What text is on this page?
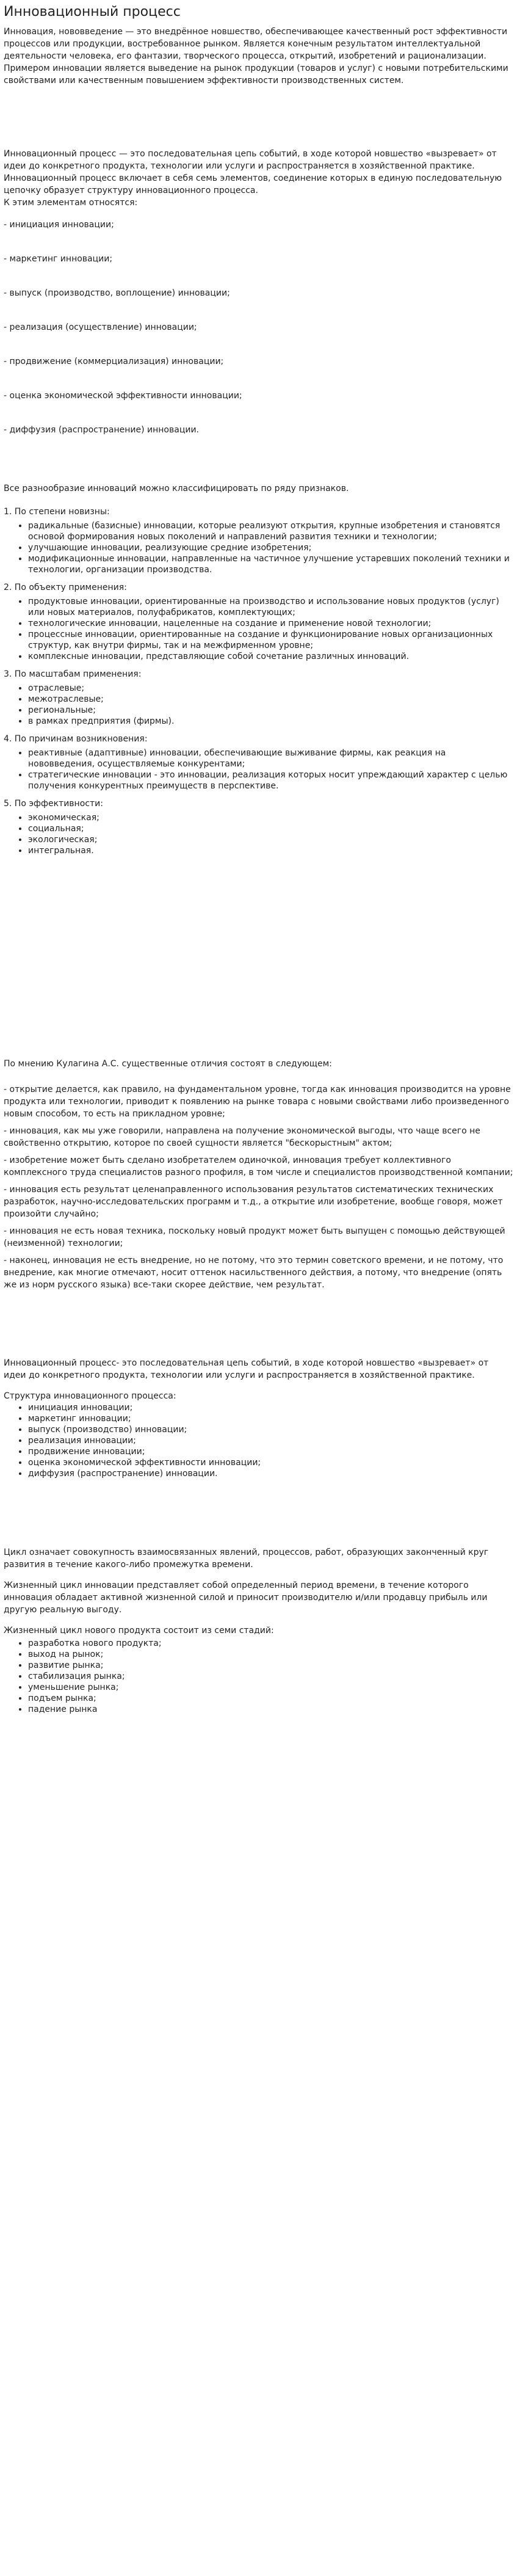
Инновационный процесс

Инновация, нововведение — это внедрённое новшество, обеспечивающее качественный рост эффективности процессов или продукции, востребованное рынком. Является конечным результатом интеллектуальной деятельности человека, его фантазии, творческого процесса, открытий, изобретений и рационализации. Примером инновации является выведение на рынок продукции (товаров и услуг) с новыми потребительскими свойствами или качественным повышением эффективности производственных систем.

Инновационный процесс — это последовательная цепь событий, в ходе которой новшество «вызревает» от идеи до конкретного продукта, технологии или услуги и распространяется в хозяйственной практике. Инновационный процесс включает в себя семь элементов, соединение которых в единую последовательную цепочку образует структуру инновационного процесса.

К этим элементам относятся:

- инициация инновации;

- маркетинг инновации;

- выпуск (производство, воплощение) инновации;

- реализация (осуществление) инновации;

- продвижение (коммерциализация) инновации;

- оценка экономической эффективности инновации;

- диффузия (распространение) инновации.

Все разнообразие инноваций можно классифицировать по ряду признаков.

1. По степени новизны:

• радикальные (базисные) инновации, которые реализуют открытия, крупные изобретения и становятся основой формирования новых поколений и направлений развития техники и технологии;
• улучшающие инновации, реализующие средние изобретения;
• модификационные инновации, направленные на частичное улучшение устаревших поколений техники и технологии, организации производства.

2. По объекту применения:

• продуктовые инновации, ориентированные на производство и использование новых продуктов (услуг) или новых материалов, полуфабрикатов, комплектующих;
• технологические инновации, нацеленные на создание и применение новой технологии;
• процессные инновации, ориентированные на создание и функционирование новых организационных структур, как внутри фирмы, так и на межфирменном уровне;
• комплексные инновации, представляющие собой сочетание различных инноваций.

3. По масштабам применения:

• отраслевые;
• межотраслевые;
• региональные;
• в рамках предприятия (фирмы).

4. По причинам возникновения:

• реактивные (адаптивные) инновации, обеспечивающие выживание фирмы, как реакция на нововведения, осуществляемые конкурентами;
• стратегические инновации - это инновации, реализация которых носит упреждающий характер с целью получения конкурентных преимуществ в перспективе.

5. По эффективности:

• экономическая;
• социальная;
• экологическая;
• интегральная.

По мнению Кулагина А.С. существенные отличия состоят в следующем:

- открытие делается, как правило, на фундаментальном уровне, тогда как инновация производится на уровне продукта или технологии, приводит к появлению на рынке товара с новыми свойствами либо произведенного новым способом, то есть на прикладном уровне;

- инновация, как мы уже говорили, направлена на получение экономической выгоды, что чаще всего не свойственно открытию, которое по своей сущности является "бескорыстным" актом;

- изобретение может быть сделано изобретателем одиночкой, инновация требует коллективного комплексного труда специалистов разного профиля, в том числе и специалистов производственной компании;

- инновация есть результат целенаправленного использования результатов систематических технических разработок, научно-исследовательских программ и т.д., а открытие или изобретение, вообще говоря, может произойти случайно;

- инновация не есть новая техника, поскольку новый продукт может быть выпущен с помощью действующей (неизменной) технологии;

- наконец, инновация не есть внедрение, но не потому, что это термин советского времени, и не потому, что внедрение, как многие отмечают, носит оттенок насильственного действия, а потому, что внедрение (опять же из норм русского языка) все-таки скорее действие, чем результат.

Инновационный процесс- это последовательная цепь событий, в ходе которой новшество «вызревает» от идеи до конкретного продукта, технологии или услуги и распространяется в хозяйственной практике.

Структура инновационного процесса:

• инициация инновации;
• маркетинг инновации;
• выпуск (производство) инновации;
• реализация инновации;
• продвижение инновации;
• оценка экономической эффективности инновации;
• диффузия (распространение) инновации.

Цикл означает совокупность взаимосвязанных явлений, процессов, работ, образующих законченный круг развития в течение какого-либо промежутка времени.

Жизненный цикл инновации представляет собой определенный период времени, в течение которого инновация обладает активной жизненной силой и приносит производителю и/или продавцу прибыль или другую реальную выгоду.

Жизненный цикл нового продукта состоит из семи стадий:

• разработка нового продукта;
• выход на рынок;
• развитие рынка;
• стабилизация рынка;
• уменьшение рынка;
• подъем рынка;
• падение рынка
